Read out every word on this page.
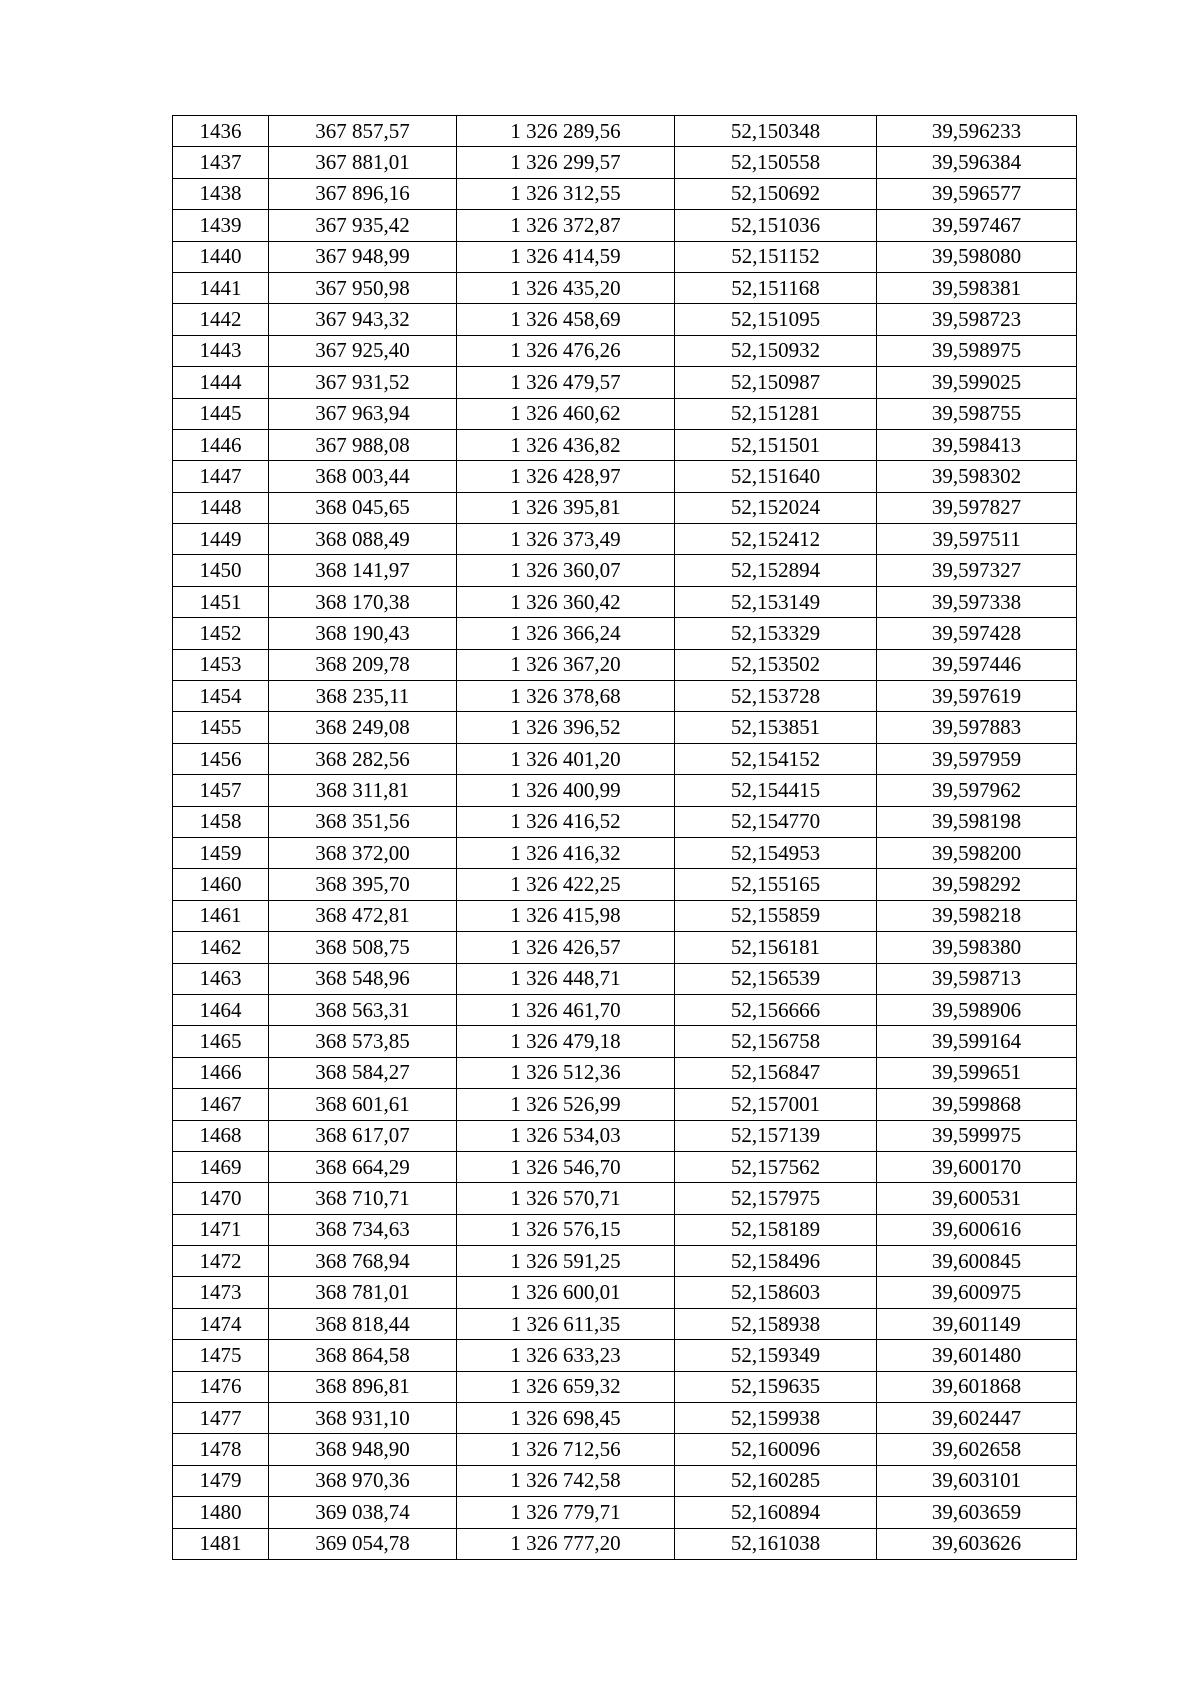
1436	367 857,57	1 326 289,56	52,150348	39,596233
1437	367 881,01	1 326 299,57	52,150558	39,596384
1438	367 896,16	1 326 312,55	52,150692	39,596577
1439	367 935,42	1 326 372,87	52,151036	39,597467
1440	367 948,99	1 326 414,59	52,151152	39,598080
1441	367 950,98	1 326 435,20	52,151168	39,598381
1442	367 943,32	1 326 458,69	52,151095	39,598723
1443	367 925,40	1 326 476,26	52,150932	39,598975
1444	367 931,52	1 326 479,57	52,150987	39,599025
1445	367 963,94	1 326 460,62	52,151281	39,598755
1446	367 988,08	1 326 436,82	52,151501	39,598413
1447	368 003,44	1 326 428,97	52,151640	39,598302
1448	368 045,65	1 326 395,81	52,152024	39,597827
1449	368 088,49	1 326 373,49	52,152412	39,597511
1450	368 141,97	1 326 360,07	52,152894	39,597327
1451	368 170,38	1 326 360,42	52,153149	39,597338
1452	368 190,43	1 326 366,24	52,153329	39,597428
1453	368 209,78	1 326 367,20	52,153502	39,597446
1454	368 235,11	1 326 378,68	52,153728	39,597619
1455	368 249,08	1 326 396,52	52,153851	39,597883
1456	368 282,56	1 326 401,20	52,154152	39,597959
1457	368 311,81	1 326 400,99	52,154415	39,597962
1458	368 351,56	1 326 416,52	52,154770	39,598198
1459	368 372,00	1 326 416,32	52,154953	39,598200
1460	368 395,70	1 326 422,25	52,155165	39,598292
1461	368 472,81	1 326 415,98	52,155859	39,598218
1462	368 508,75	1 326 426,57	52,156181	39,598380
1463	368 548,96	1 326 448,71	52,156539	39,598713
1464	368 563,31	1 326 461,70	52,156666	39,598906
1465	368 573,85	1 326 479,18	52,156758	39,599164
1466	368 584,27	1 326 512,36	52,156847	39,599651
1467	368 601,61	1 326 526,99	52,157001	39,599868
1468	368 617,07	1 326 534,03	52,157139	39,599975
1469	368 664,29	1 326 546,70	52,157562	39,600170
1470	368 710,71	1 326 570,71	52,157975	39,600531
1471	368 734,63	1 326 576,15	52,158189	39,600616
1472	368 768,94	1 326 591,25	52,158496	39,600845
1473	368 781,01	1 326 600,01	52,158603	39,600975
1474	368 818,44	1 326 611,35	52,158938	39,601149
1475	368 864,58	1 326 633,23	52,159349	39,601480
1476	368 896,81	1 326 659,32	52,159635	39,601868
1477	368 931,10	1 326 698,45	52,159938	39,602447
1478	368 948,90	1 326 712,56	52,160096	39,602658
1479	368 970,36	1 326 742,58	52,160285	39,603101
1480	369 038,74	1 326 779,71	52,160894	39,603659
1481	369 054,78	1 326 777,20	52,161038	39,603626
